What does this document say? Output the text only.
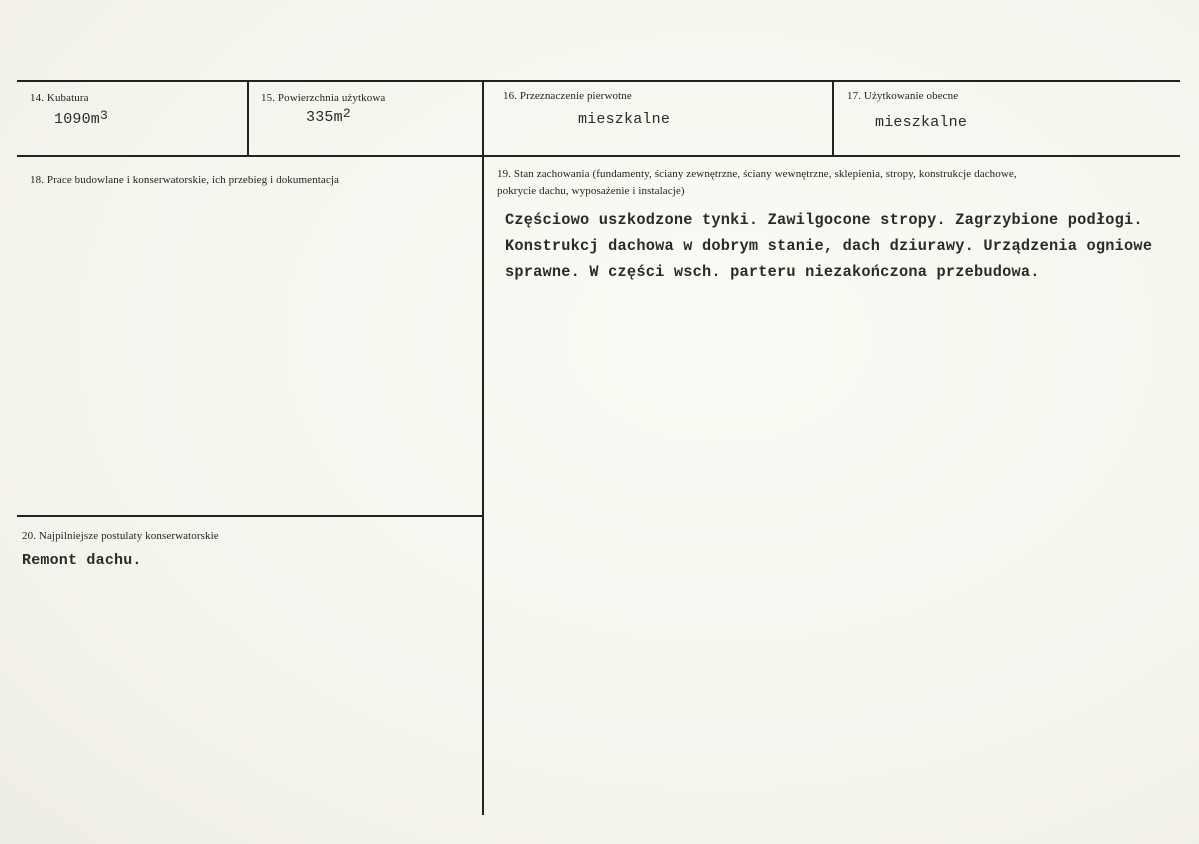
14. Kubatura
$1090m^3$
15. Powierzchnia użytkowa
$335m^2$
16. Przeznaczenie pierwotne
mieszkalne
17. Użytkowanie obecne
mieszkalne
18. Prace budowlane i konserwatorskie, ich przebieg i dokumentacja	19. Stan zachowania (fundamenty, ściany zewnętrzne, ściany wewnętrzne, sklepienia, stropy, konstrukcje dachowe, pokrycie dachu, wyposażenie i instalacje)
Częściowo uszkodzone tynki. Zawilgocone stropy. Zagrzybione podłogi. Konstrukcj dachowa w dobrym stanie, dach dziurawy. Urządzenia ogniowe sprawne. W części wsch. parteru niezakończona przebudowa.
20. Najpilniejsze postulaty konserwatorskie
Remont dachu.
